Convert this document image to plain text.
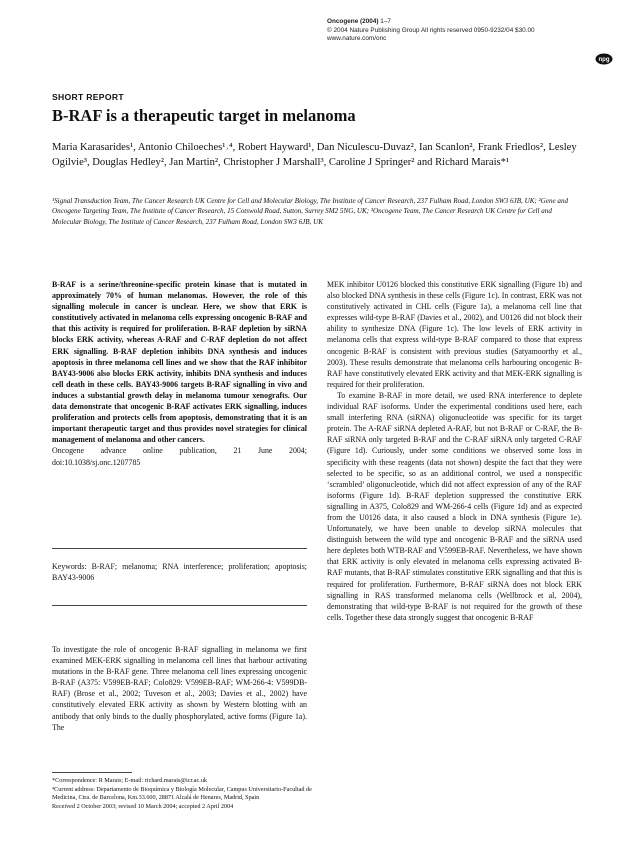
Oncogene (2004) 1–7
© 2004 Nature Publishing Group All rights reserved 0950-9232/04 $30.00
www.nature.com/onc
npg
SHORT REPORT
B-RAF is a therapeutic target in melanoma
Maria Karasarides¹, Antonio Chiloeches¹˒⁴, Robert Hayward¹, Dan Niculescu-Duvaz², Ian Scanlon², Frank Friedlos², Lesley Ogilvie³, Douglas Hedley², Jan Martin², Christopher J Marshall³, Caroline J Springer² and Richard Marais*¹
¹Signal Transduction Team, The Cancer Research UK Centre for Cell and Molecular Biology, The Institute of Cancer Research, 237 Fulham Road, London SW3 6JB, UK; ²Gene and Oncogene Targeting Team, The Institute of Cancer Research, 15 Cotswold Road, Sutton, Surrey SM2 5NG, UK; ³Oncogene Team, The Cancer Research UK Centre for Cell and Molecular Biology, The Institute of Cancer Research, 237 Fulham Road, London SW3 6JB, UK

B-RAF is a serine/threonine-specific protein kinase that is mutated in approximately 70% of human melanomas. However, the role of this signalling molecule in cancer is unclear. Here, we show that ERK is constitutively activated in melanoma cells expressing oncogenic B-RAF and that this activity is required for proliferation. B-RAF depletion by siRNA blocks ERK activity, whereas A-RAF and C-RAF depletion do not affect ERK signalling. B-RAF depletion inhibits DNA synthesis and induces apoptosis in three melanoma cell lines and we show that the RAF inhibitor BAY43-9006 also blocks ERK activity, inhibits DNA synthesis and induces cell death in these cells. BAY43-9006 targets B-RAF signalling in vivo and induces a substantial growth delay in melanoma tumour xenografts. Our data demonstrate that oncogenic B-RAF activates ERK signalling, induces proliferation and protects cells from apoptosis, demonstrating that it is an important therapeutic target and thus provides novel strategies for clinical management of melanoma and other cancers.

Oncogene advance online publication, 21 June 2004; doi:10.1038/sj.onc.1207785

Keywords: B-RAF; melanoma; RNA interference; proliferation; apoptosis; BAY43-9006
To investigate the role of oncogenic B-RAF signalling in melanoma we first examined MEK-ERK signalling in melanoma cell lines that harbour activating mutations in the B-RAF gene. Three melanoma cell lines expressing oncogenic B-RAF (A375: V599EB-RAF; Colo829: V599EB-RAF; WM-266-4: V599DB-RAF) (Brose et al., 2002; Tuveson et al., 2003; Davies et al., 2002) have constitutively elevated ERK activity as shown by Western blotting with an antibody that only binds to the dually phosphorylated, active forms (Figure 1a). The
*Correspondence: R Marais; E-mail: richard.marais@icr.ac.uk
⁴Current address: Departamento de Bioquímica y Biología Molecular, Campus Universitario-Facultad de Medicina, Ctra. de Barcelona, Km.33.600, 28871 Alcalá de Henares, Madrid, Spain
Received 2 October 2003; revised 10 March 2004; accepted 2 April 2004

MEK inhibitor U0126 blocked this constitutive ERK signalling (Figure 1b) and also blocked DNA synthesis in these cells (Figure 1c). In contrast, ERK was not constitutively activated in CHL cells (Figure 1a), a melanoma cell line that expresses wild-type B-RAF (Davies et al., 2002), and U0126 did not block their ability to synthesize DNA (Figure 1c). The low levels of ERK activity in melanoma cells that express wild-type B-RAF compared to those that express oncogenic B-RAF is consistent with previous studies (Satyamoorthy et al., 2003). These results demonstrate that melanoma cells harbouring oncogenic B-RAF have constitutively elevated ERK activity and that MEK-ERK signalling is required for their proliferation.

To examine B-RAF in more detail, we used RNA interference to deplete individual RAF isoforms. Under the experimental conditions used here, each small interfering RNA (siRNA) oligonucleotide was specific for its target protein. The A-RAF siRNA depleted A-RAF, but not B-RAF or C-RAF, the B-RAF siRNA only targeted B-RAF and the C-RAF siRNA only targeted C-RAF (Figure 1d). Curiously, under some conditions we observed some loss in specificity with these reagents (data not shown) despite the fact that they were selected to be specific, so as an additional control, we used a nonspecific ‘scrambled’ oligonucleotide, which did not affect expression of any of the RAF isoforms (Figure 1d). B-RAF depletion suppressed the constitutive ERK signalling in A375, Colo829 and WM-266-4 cells (Figure 1d) and as expected from the U0126 data, it also caused a block in DNA synthesis (Figure 1e). Unfortunately, we have been unable to develop siRNA molecules that distinguish between the wild type and oncogenic B-RAF and the siRNA used here depletes both WTB-RAF and V599EB-RAF. Nevertheless, we have shown that ERK activity is only elevated in melanoma cells expressing activated B-RAF mutants, that B-RAF stimulates constitutive ERK signalling and that this is required for proliferation. Furthermore, B-RAF siRNA does not block ERK signalling in RAS transformed melanoma cells (Wellbrock et al, 2004), demonstrating that wild-type B-RAF is not required for the growth of these cells. Together these data strongly suggest that oncogenic B-RAF
